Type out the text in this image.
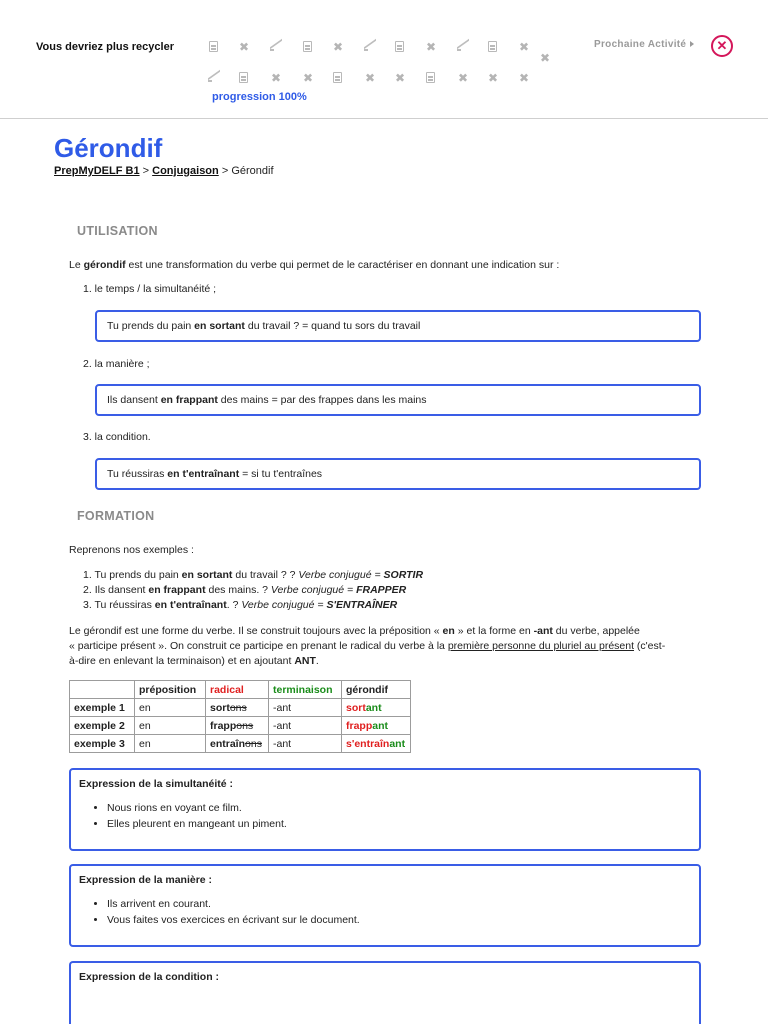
Vous devriez plus recycler
✖
✖
✖
✖
✖
✖
✖
✖
✖
✖
✖
✖
progression 100%
Prochaine Activité	✕
Gérondif
PrepMyDELF B1 > Conjugaison > Gérondif
UTILISATION
Le gérondif est une transformation du verbe qui permet de le caractériser en donnant une indication sur :
1. le temps / la simultanéité ;
Tu prends du pain en sortant du travail ? = quand tu sors du travail
2. la manière ;
Ils dansent en frappant des mains = par des frappes dans les mains
3. la condition.
Tu réussiras en t'entraînant = si tu t'entraînes
FORMATION
Reprenons nos exemples :
1. Tu prends du pain en sortant du travail ? ? Verbe conjugué = SORTIR
2. Ils dansent en frappant des mains. ? Verbe conjugué = FRAPPER
3. Tu réussiras en t'entraînant. ? Verbe conjugué = S'ENTRAÎNER
Le gérondif est une forme du verbe. Il se construit toujours avec la préposition « en » et la forme en -ant du verbe, appelée
« participe présent ». On construit ce participe en prenant le radical du verbe à la première personne du pluriel au présent (c'est-
à-dire en enlevant la terminaison) et en ajoutant ANT.
	préposition	radical	terminaison	gérondif
exemple 1	en	sortons	-ant	sortant
exemple 2	en	frappons	-ant	frappant
exemple 3	en	entraînons	-ant	s'entraînant
Expression de la simultanéité :
• Nous rions en voyant ce film.
• Elles pleurent en mangeant un piment.
Expression de la manière :
• Ils arrivent en courant.
• Vous faites vos exercices en écrivant sur le document.
Expression de la condition :
